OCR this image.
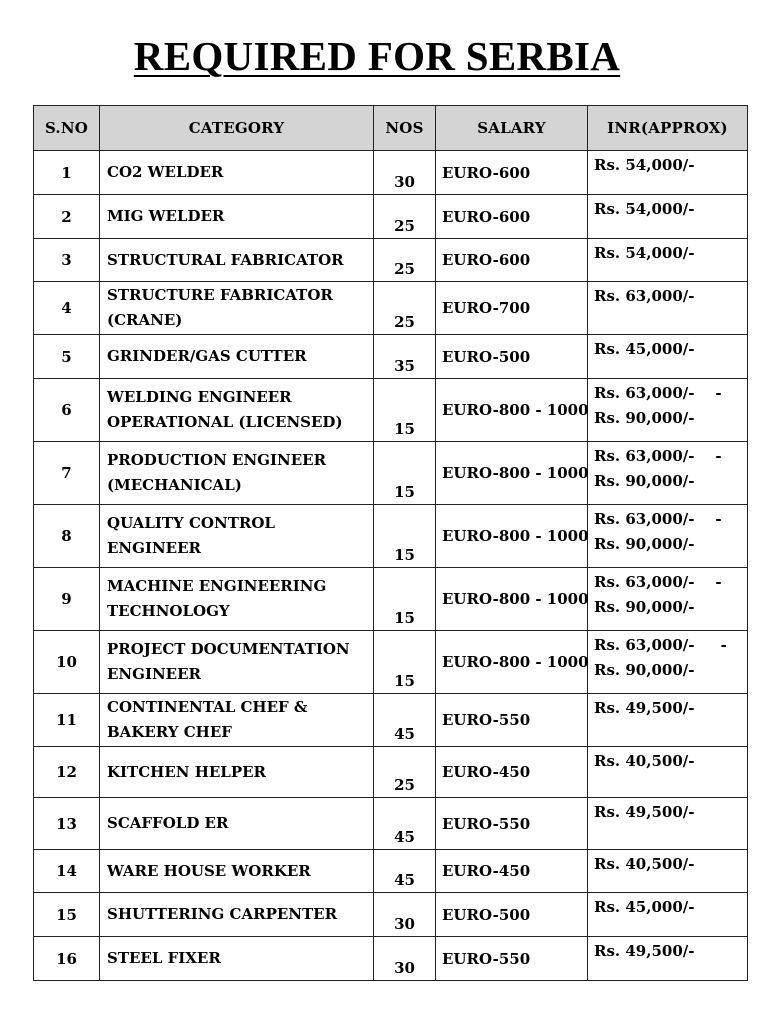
REQUIRED FOR SERBIA
S.NO	CATEGORY	NOS	SALARY	INR(APPROX)
1	CO2 WELDER	30	EURO-600	Rs. 54,000/-

2	MIG WELDER	25	EURO-600	Rs. 54,000/-

3	STRUCTURAL FABRICATOR	25	EURO-600	Rs. 54,000/-

4	STRUCTURE FABRICATOR (CRANE)	25	EURO-700	Rs. 63,000/-

5	GRINDER/GAS CUTTER	35	EURO-500	Rs. 45,000/-

6	WELDING ENGINEER OPERATIONAL (LICENSED)	15	EURO-800 - 1000	Rs. 63,000/-    -
Rs. 90,000/-

7	PRODUCTION ENGINEER (MECHANICAL)	15	EURO-800 - 1000	Rs. 63,000/-    -
Rs. 90,000/-

8	QUALITY CONTROL ENGINEER	15	EURO-800 - 1000	Rs. 63,000/-    -
Rs. 90,000/-

9	MACHINE ENGINEERING TECHNOLOGY	15	EURO-800 - 1000	Rs. 63,000/-    -
Rs. 90,000/-

10	PROJECT DOCUMENTATION ENGINEER	15	EURO-800 - 1000	Rs. 63,000/-     -
Rs. 90,000/-

11	CONTINENTAL CHEF & BAKERY CHEF	45	EURO-550	Rs. 49,500/-

12	KITCHEN HELPER	25	EURO-450	Rs. 40,500/-

13	SCAFFOLD ER	45	EURO-550	Rs. 49,500/-

14	WARE HOUSE WORKER	45	EURO-450	Rs. 40,500/-

15	SHUTTERING CARPENTER	30	EURO-500	Rs. 45,000/-

16	STEEL FIXER	30	EURO-550	Rs. 49,500/-
